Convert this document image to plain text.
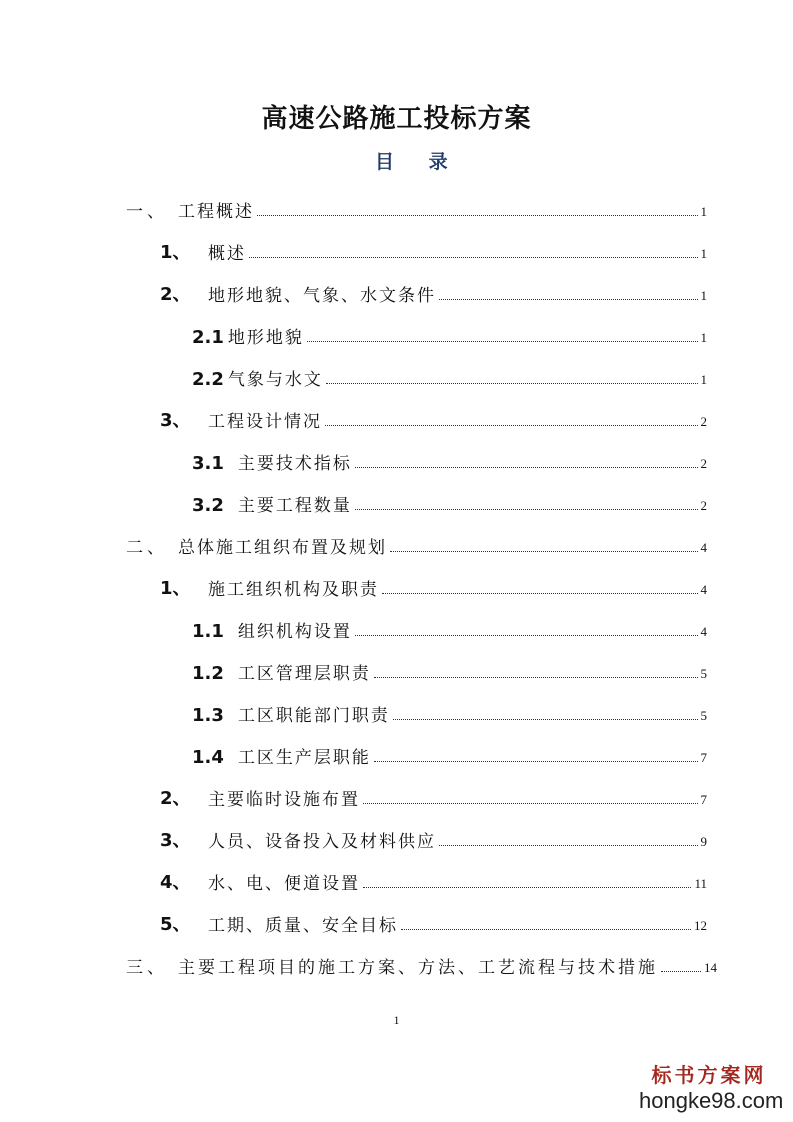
高速公路施工投标方案
目 录
一、 工程概述	1
1、	概述	1
2、	地形地貌、气象、水文条件	1
2.1 地形地貌	1
2.2 气象与水文	1
3、	工程设计情况	2
3.1 主要技术指标	2
3.2 主要工程数量	2
二、 总体施工组织布置及规划	4
1、	施工组织机构及职责	4
1.1 组织机构设置	4
1.2 工区管理层职责	5
1.3 工区职能部门职责	5
1.4 工区生产层职能	7
2、	主要临时设施布置	7
3、	人员、设备投入及材料供应	9
4、	水、电、便道设置	11
5、	工期、质量、安全目标	12
三、 主要工程项目的施工方案、方法、工艺流程与技术措施	14
1
标书方案网
hongke98.com
